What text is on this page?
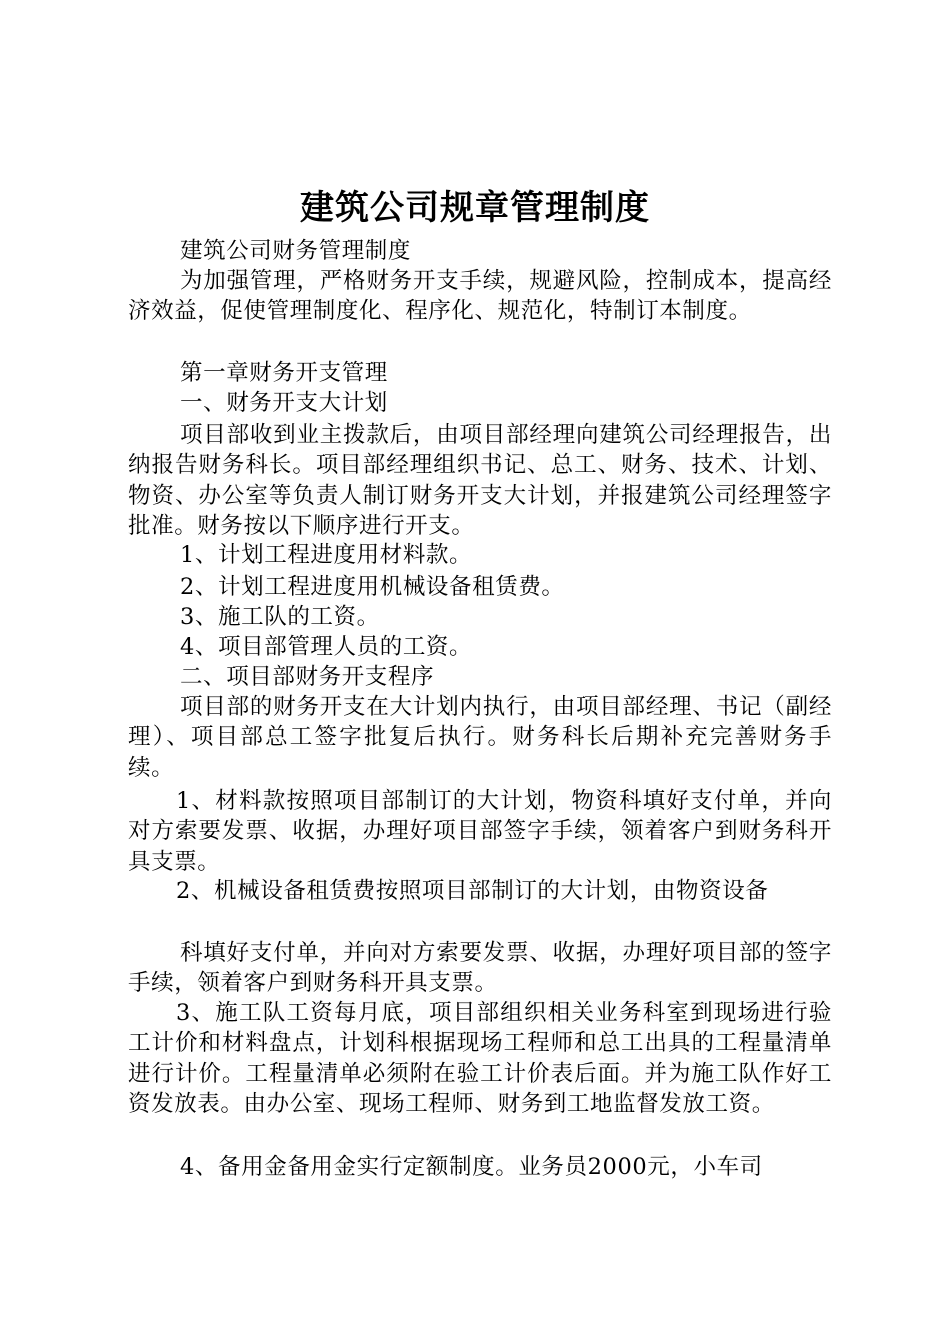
建筑公司规章管理制度

建筑公司财务管理制度

为加强管理，严格财务开支手续，规避风险，控制成本，提高经济效益，促使管理制度化、程序化、规范化，特制订本制度。

第一章财务开支管理

一、财务开支大计划

项目部收到业主拨款后，由项目部经理向建筑公司经理报告，出纳报告财务科长。项目部经理组织书记、总工、财务、技术、计划、物资、办公室等负责人制订财务开支大计划，并报建筑公司经理签字批准。财务按以下顺序进行开支。

1、计划工程进度用材料款。

2、计划工程进度用机械设备租赁费。

3、施工队的工资。

4、项目部管理人员的工资。

二、项目部财务开支程序

项目部的财务开支在大计划内执行，由项目部经理、书记（副经理）、项目部总工签字批复后执行。财务科长后期补充完善财务手续。

1、材料款按照项目部制订的大计划，物资科填好支付单，并向对方索要发票、收据，办理好项目部签字手续，领着客户到财务科开具支票。

2、机械设备租赁费按照项目部制订的大计划，由物资设备

科填好支付单，并向对方索要发票、收据，办理好项目部的签字手续，领着客户到财务科开具支票。

3、施工队工资每月底，项目部组织相关业务科室到现场进行验工计价和材料盘点，计划科根据现场工程师和总工出具的工程量清单进行计价。工程量清单必须附在验工计价表后面。并为施工队作好工资发放表。由办公室、现场工程师、财务到工地监督发放工资。

4、备用金备用金实行定额制度。业务员2000元，小车司
